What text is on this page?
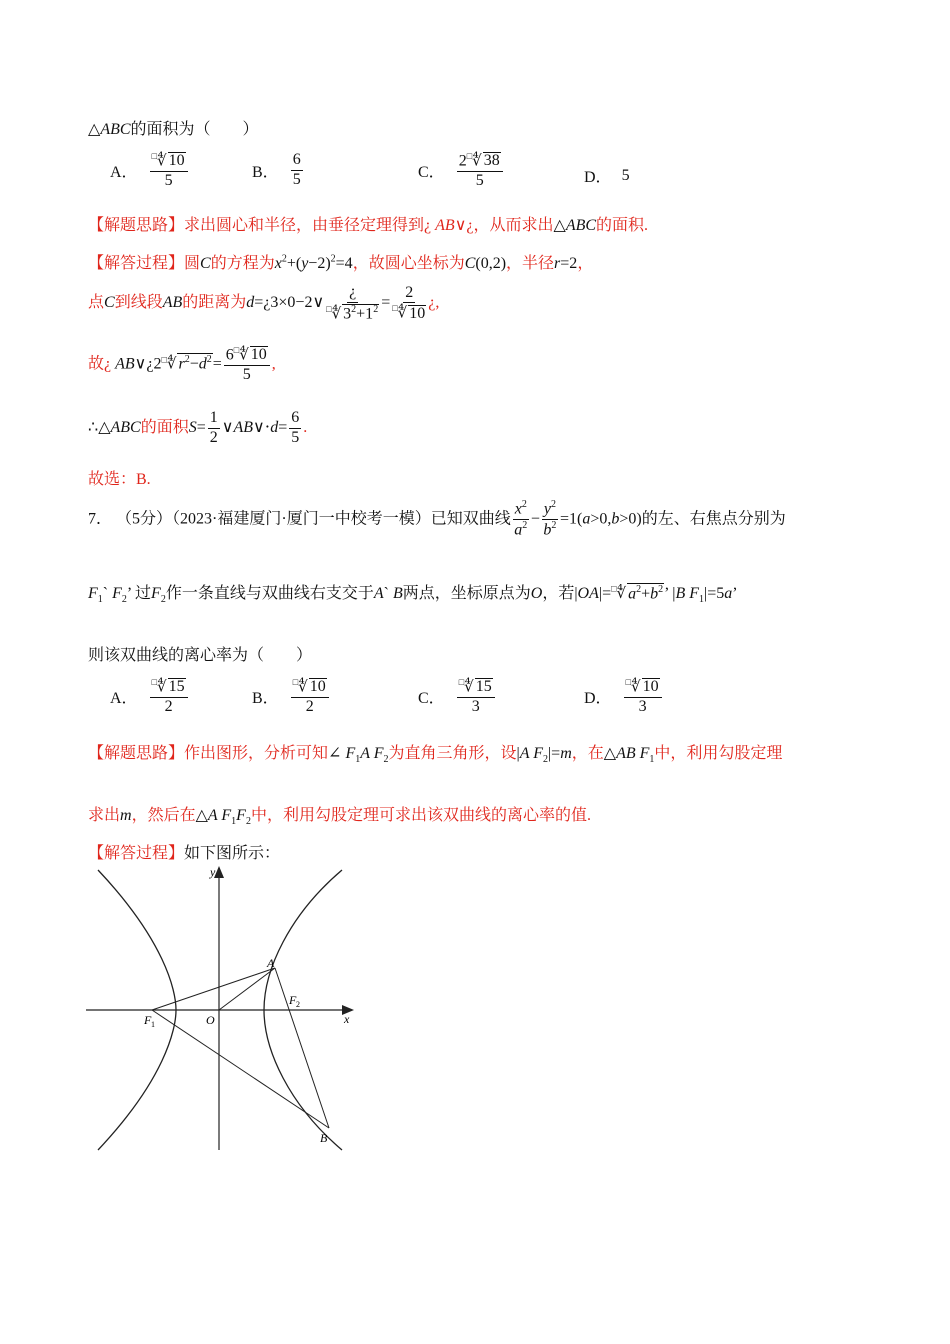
△ABC的面积为（　　）
A． $\frac{^□∜ 10}{5}$	B． $\frac{6}{5}$	C． $\frac{2^□∜ 38}{5}$	D． 5
【解题思路】求出圆心和半径，由垂径定理得到¿ AB∨¿，从而求出△ABC的面积.
【解答过程】圆C的方程为$x^2+(y-2)^2=4$，故圆心坐标为C(0,2)，半径r=2，
点C到线段AB的距离为d=¿3×0−2∨ $\frac{¿}{^□∜ 3^2+1^2} = \frac{2}{^□∜ 10}$ ¿,
故¿ AB∨¿2□∜ $r^2-d^2= \frac{6^□∜ 10}{5}$ ,
∴△ABC的面积$S= \frac{1}{2}$ ∨AB∨⋅d= $\frac{6}{5}$ .
故选：B.
7． （5分）（2023·福建厦门·厦门一中校考一模）已知双曲线 $\frac{x^2}{a^2} - \frac{y^2}{b^2} =1(a>0,b>0)$的左、右焦点分别为
$F_1`$ $F_2$’ 过$F_2$作一条直线与双曲线右支交于A` B两点，坐标原点为O，若|OA|=□∜ $a^2+b^2$’ |B $F_1|=5a$’
则该双曲线的离心率为（　　）
A． $\frac{^□∜ 15}{2}$	B． $\frac{^□∜ 10}{2}$	C． $\frac{^□∜ 15}{3}$	D． $\frac{^□∜ 10}{3}$
【解题思路】作出图形，分析可知∠ $F_1A$ $F_2$为直角三角形，设|A $F_2|=m$，在△AB $F_1$中，利用勾股定理
求出m，然后在△A $F_1F_2$中，利用勾股定理可求出该双曲线的离心率的值.
【解答过程】如下图所示：
y
x
O
A
B
F 1
F 2
